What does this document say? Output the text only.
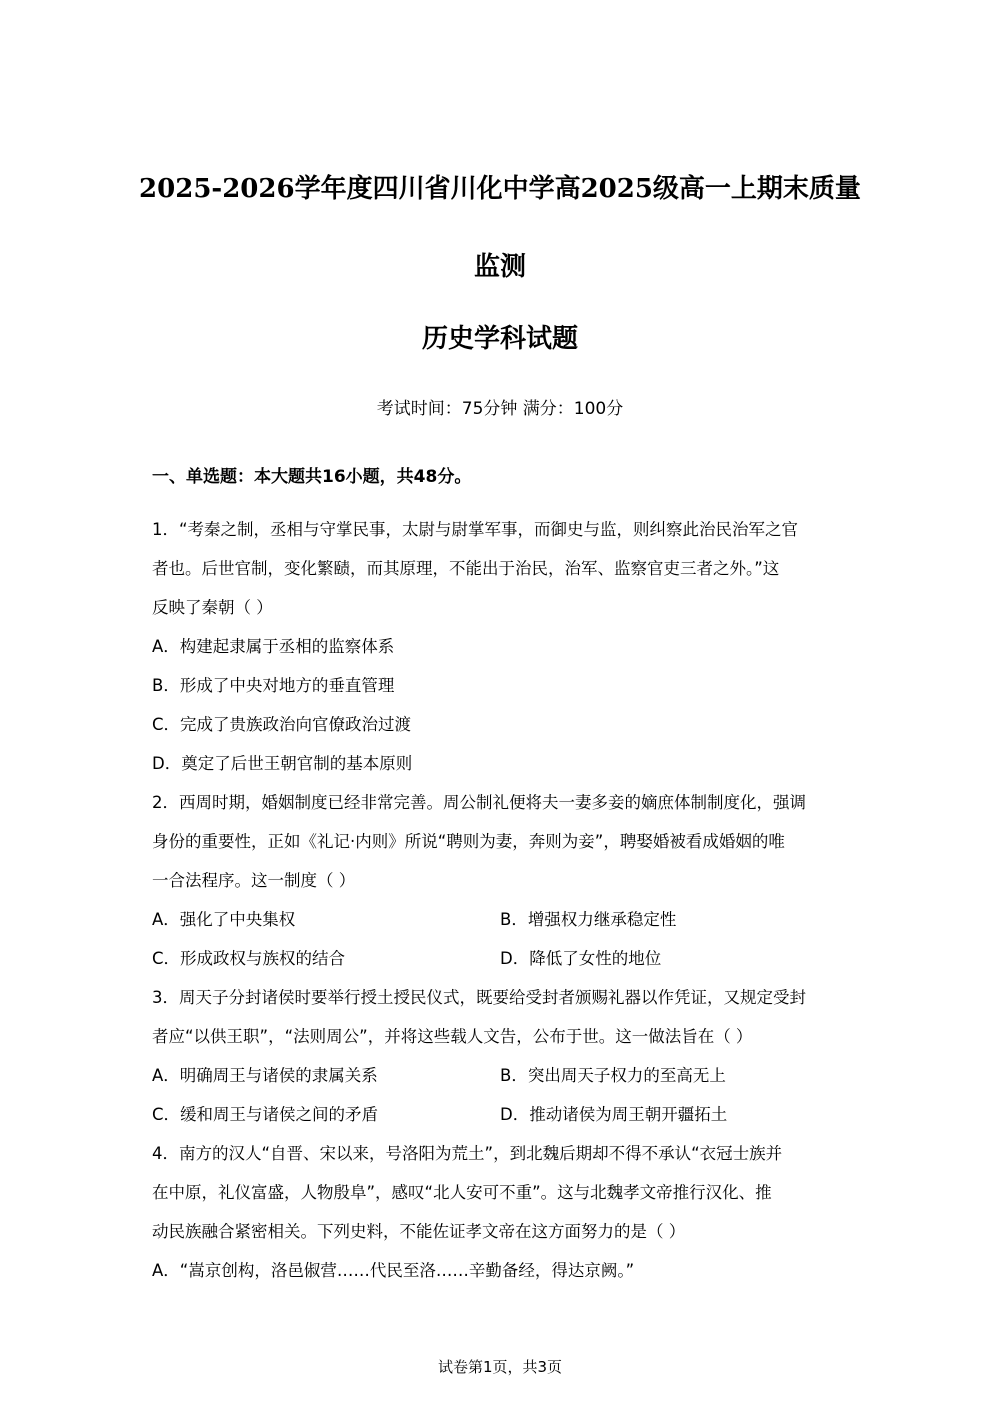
2025-2026学年度四川省川化中学高2025级高一上期末质量
监测
历史学科试题
考试时间：75分钟 满分：100分
一、单选题：本大题共16小题，共48分。
1．“考秦之制，丞相与守掌民事，太尉与尉掌军事，而御史与监，则纠察此治民治军之官
者也。后世官制，变化繁赜，而其原理，不能出于治民，治军、监察官吏三者之外。”这
反映了秦朝（ ）
A．构建起隶属于丞相的监察体系
B．形成了中央对地方的垂直管理
C．完成了贵族政治向官僚政治过渡
D．奠定了后世王朝官制的基本原则
2．西周时期，婚姻制度已经非常完善。周公制礼便将夫一妻多妾的嫡庶体制制度化，强调
身份的重要性，正如《礼记·内则》所说“聘则为妻，奔则为妾”，聘娶婚被看成婚姻的唯
一合法程序。这一制度（ ）
A．强化了中央集权	B．增强权力继承稳定性
C．形成政权与族权的结合	D．降低了女性的地位
3．周天子分封诸侯时要举行授土授民仪式，既要给受封者颁赐礼器以作凭证，又规定受封
者应“以供王职”，“法则周公”，并将这些载人文告，公布于世。这一做法旨在（ ）
A．明确周王与诸侯的隶属关系	B．突出周天子权力的至高无上
C．缓和周王与诸侯之间的矛盾	D．推动诸侯为周王朝开疆拓土
4．南方的汉人“自晋、宋以来，号洛阳为荒土”，到北魏后期却不得不承认“衣冠士族并
在中原，礼仪富盛，人物殷阜”，感叹“北人安可不重”。这与北魏孝文帝推行汉化、推
动民族融合紧密相关。下列史料，不能佐证孝文帝在这方面努力的是（ ）
A．“嵩京创构，洛邑俶营……代民至洛……辛勤备经，得达京阙。”
试卷第1页，共3页
